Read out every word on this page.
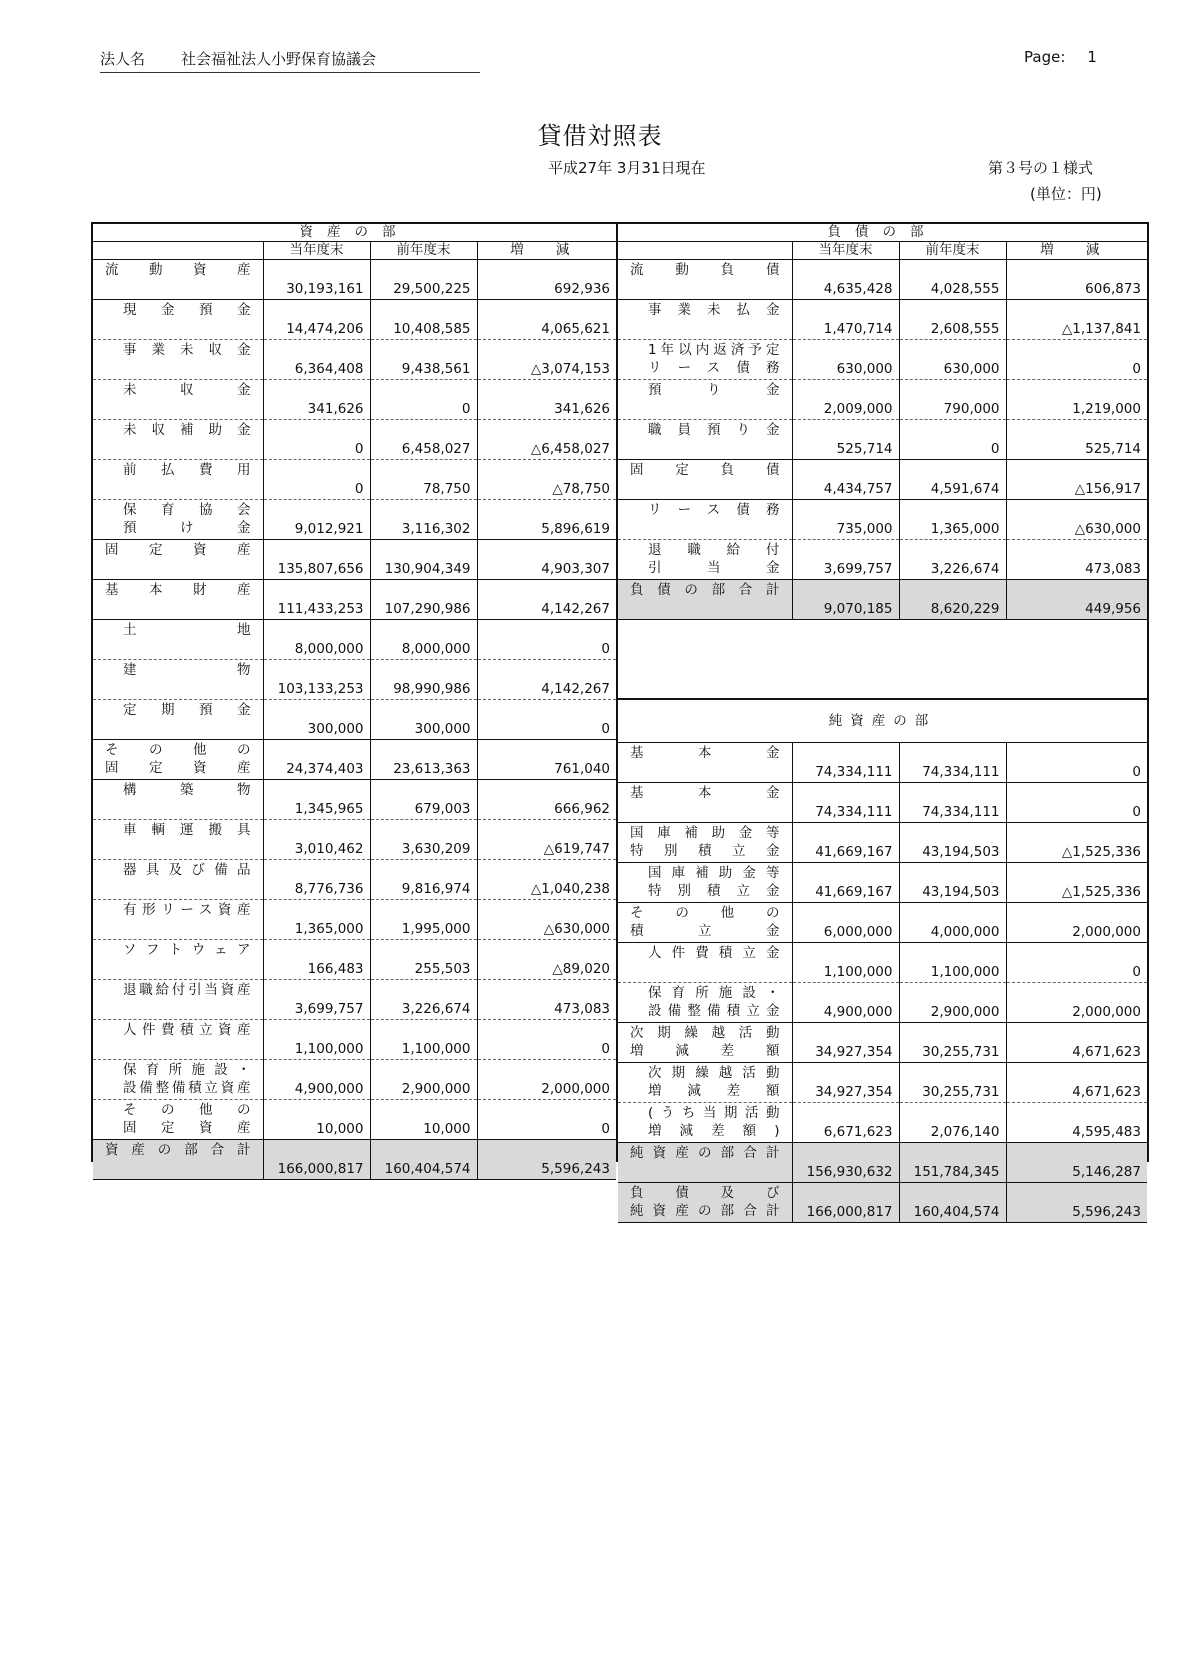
法人名 社会福祉法人小野保育協議会	Page: 1
貸借対照表
平成27年 3月31日現在	第３号の１様式
(単位：円)
資産の部			
	当年度末	前年度末	増 減

流動資産	30,193,161	29,500,225	692,936

現金預金	14,474,206	10,408,585	4,065,621

事業未収金	6,364,408	9,438,561	△3,074,153

未収金	341,626	0	341,626

未収補助金	0	6,458,027	△6,458,027

前払費用	0	78,750	△78,750

保育協会
預け金	9,012,921	3,116,302	5,896,619

固定資産	135,807,656	130,904,349	4,903,307

基本財産	111,433,253	107,290,986	4,142,267

土地	8,000,000	8,000,000	0

建物	103,133,253	98,990,986	4,142,267

定期預金	300,000	300,000	0

その他の
固定資産	24,374,403	23,613,363	761,040

構築物	1,345,965	679,003	666,962

車輌運搬具	3,010,462	3,630,209	△619,747

器具及び備品	8,776,736	9,816,974	△1,040,238

有形リース資産	1,365,000	1,995,000	△630,000

ソフトウェア	166,483	255,503	△89,020

退職給付引当資産	3,699,757	3,226,674	473,083

人件費積立資産	1,100,000	1,100,000	0

保育所施設・
設備整備積立資産	4,900,000	2,900,000	2,000,000

その他の
固定資産	10,000	10,000	0

資産の部合計	166,000,817	160,404,574	5,596,243
負債の部			
	当年度末	前年度末	増 減

流動負債	4,635,428	4,028,555	606,873

事業未払金	1,470,714	2,608,555	△1,137,841

1年以内返済予定
リース債務	630,000	630,000	0

預り金	2,009,000	790,000	1,219,000

職員預り金	525,714	0	525,714

固定負債	4,434,757	4,591,674	△156,917

リース債務	735,000	1,365,000	△630,000

退職給付
引当金	3,699,757	3,226,674	473,083

負債の部合計	9,070,185	8,620,229	449,956

純資産の部			

基本金	74,334,111	74,334,111	0

基本金	74,334,111	74,334,111	0

国庫補助金等
特別積立金	41,669,167	43,194,503	△1,525,336

国庫補助金等
特別積立金	41,669,167	43,194,503	△1,525,336

その他の
積立金	6,000,000	4,000,000	2,000,000

人件費積立金	1,100,000	1,100,000	0

保育所施設・
設備整備積立金	4,900,000	2,900,000	2,000,000

次期繰越活動
増減差額	34,927,354	30,255,731	4,671,623

次期繰越活動
増減差額	34,927,354	30,255,731	4,671,623

(うち当期活動
増減差額)	6,671,623	2,076,140	4,595,483

純資産の部合計	156,930,632	151,784,345	5,146,287

負債及び
純資産の部合計	166,000,817	160,404,574	5,596,243
